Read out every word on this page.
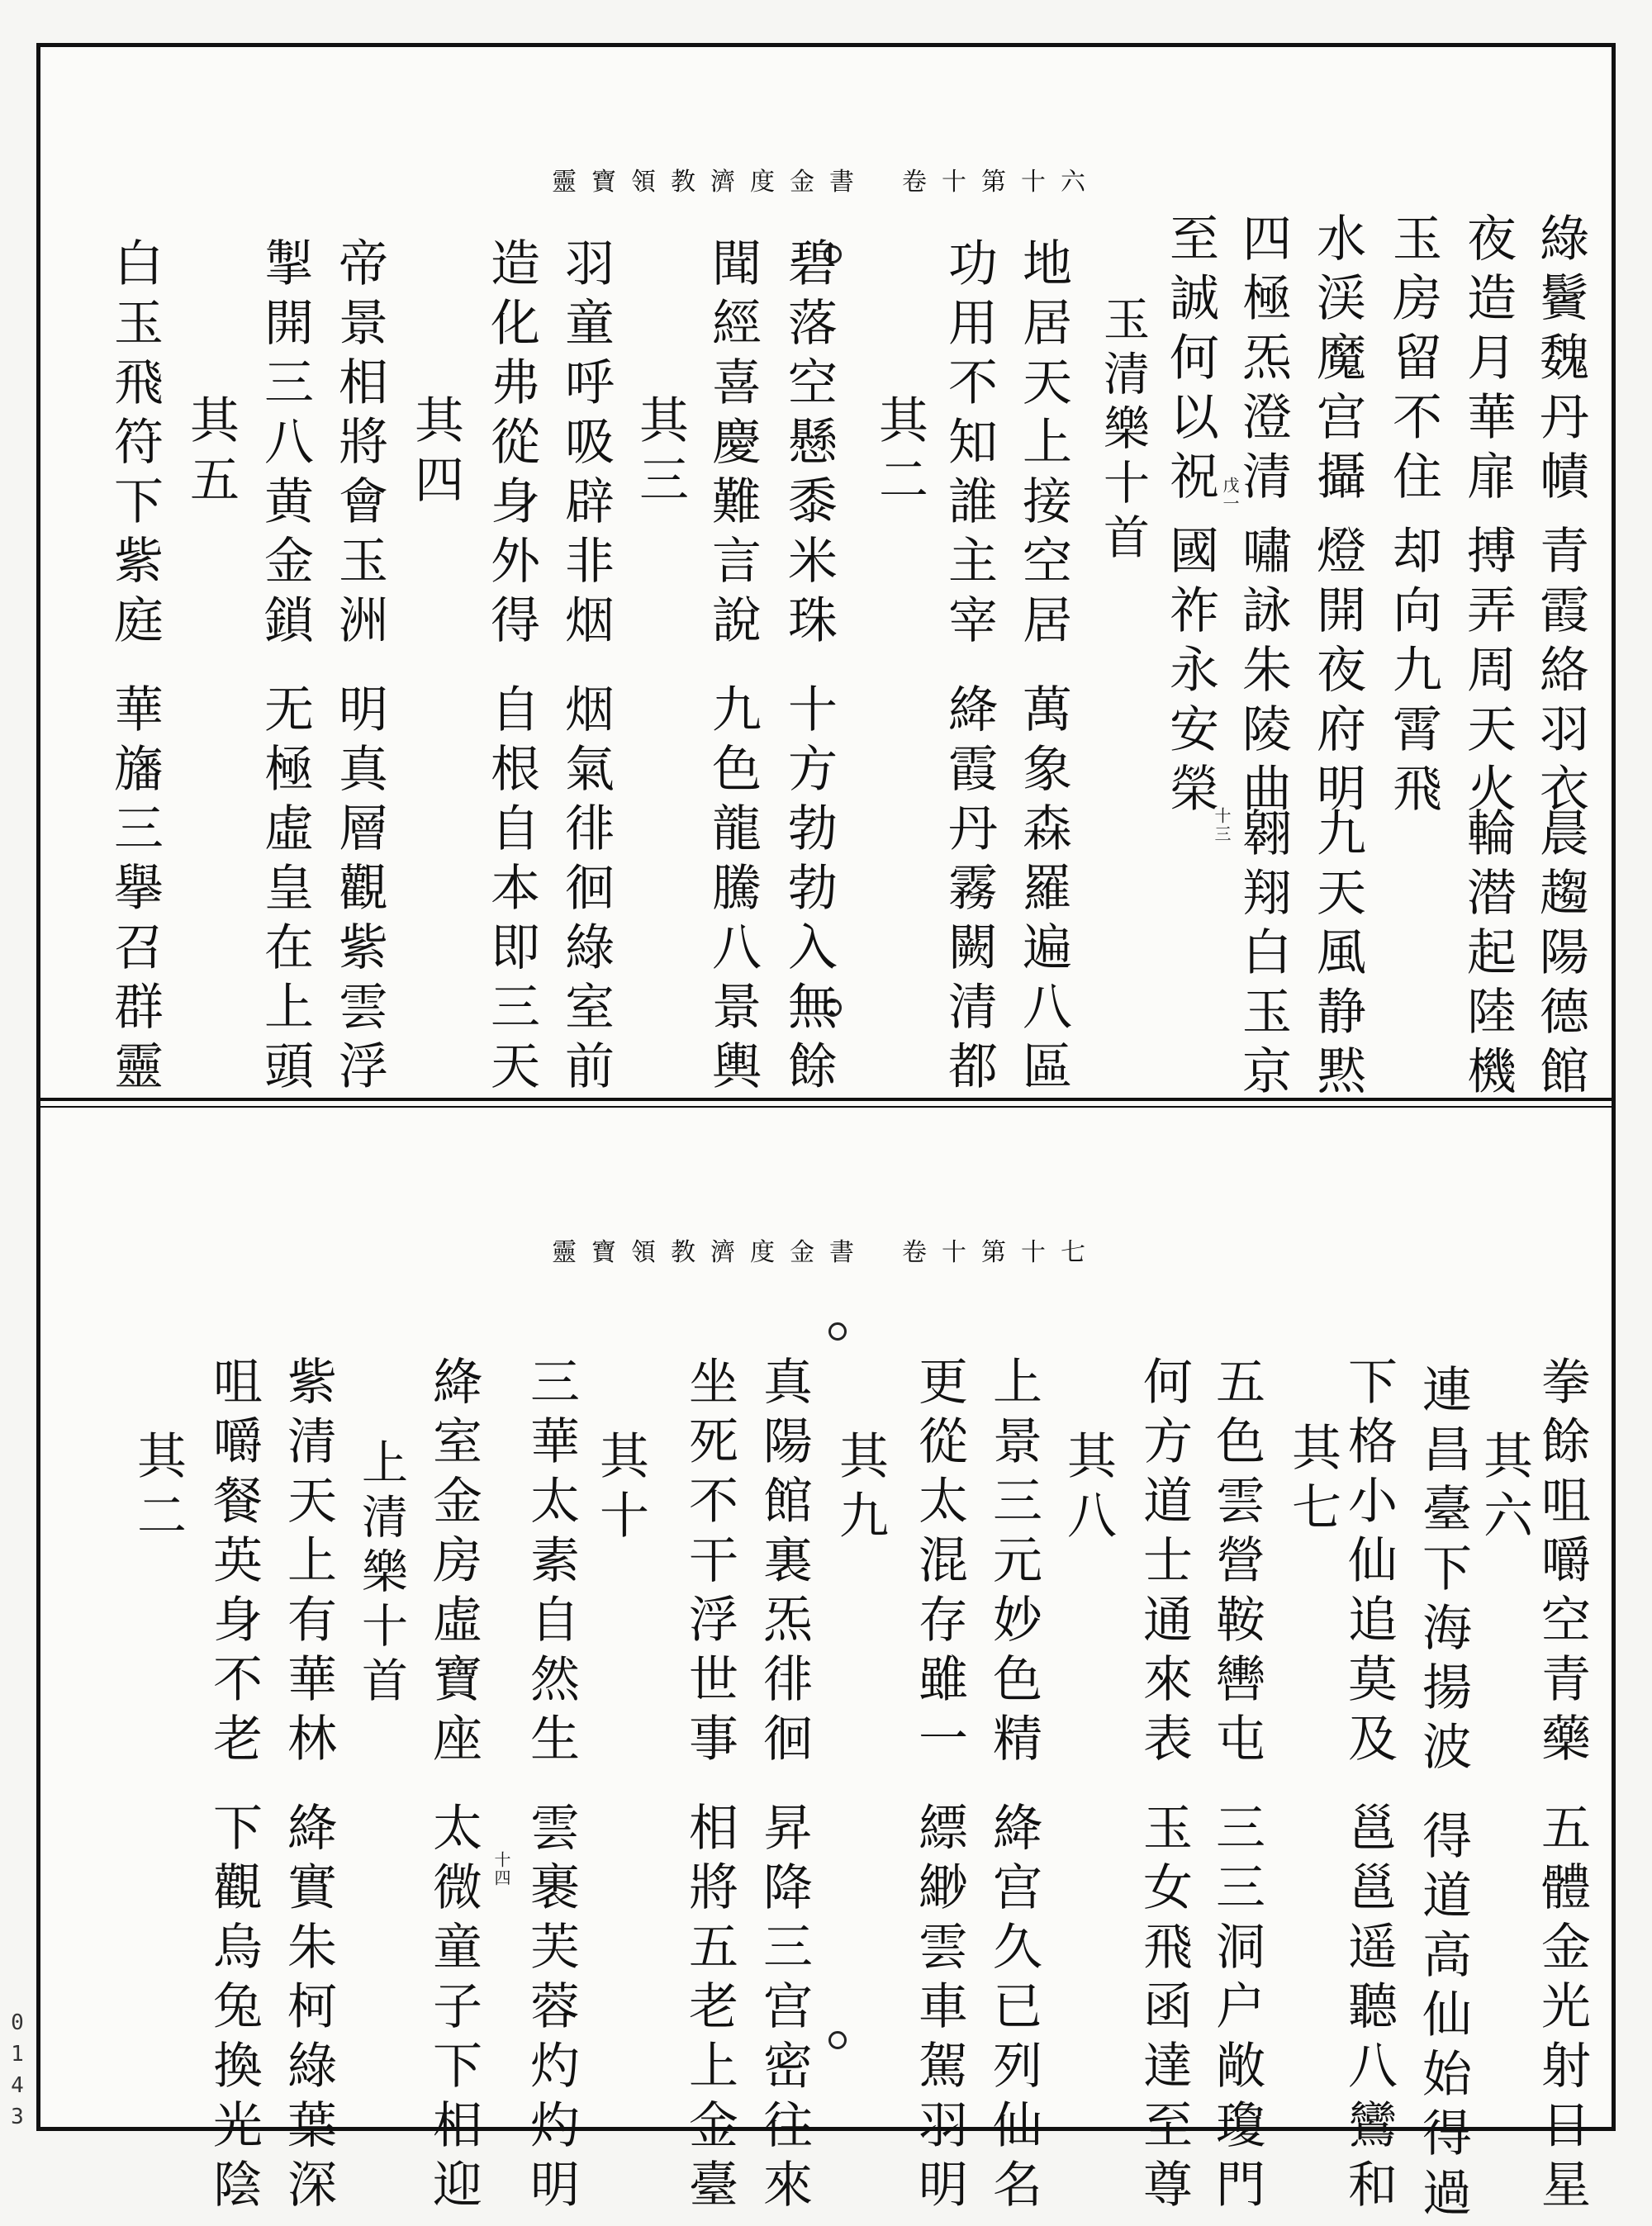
靈寶領教濟度金書 卷十第十六
綠鬢魏丹幘
青霞絡羽衣
晨趨陽德館
夜造月華扉
搏弄周天火
輪潜起陸機
玉房留不住
却向九霄飛
水渓魔宫攝
燈開夜府明
九天風静黙
四極炁澄清
嘯詠朱陵曲
翱翔白玉京
十三
至誠何以祝
國祚永安榮
戊一
玉清樂十首
地居天上接空居
萬象森羅遍八區
功用不知誰主宰
絳霞丹霧闕清都
其二
碧落空懸黍米珠
十方勃勃入無餘
聞經喜慶難言說
九色龍騰八景輿
其三
羽童呼吸辟非烟
烟氣徘徊綠室前
造化弗從身外得
自根自本即三天
其四
帝景相將會玉洲
明真層觀紫雲浮
掣開三八黄金鎖
无極虛皇在上頭
其五
白玉飛符下紫庭
華旛三擧召群靈
靈寶領教濟度金書 卷十第十七
拳餘咀嚼空青藥
五體金光射日星
其六
連昌臺下海揚波
得道高仙始得過
下格小仙追莫及
邕邕遥聽八鸞和
其七
五色雲營鞍轡屯
三三洞户敞瓊門
何方道士通來表
玉女飛函達至尊
其八
上景三元妙色精
絳宫久已列仙名
更從太混存雖一
縹緲雲車駕羽明
其九
真陽館裏炁徘徊
昇降三宫密往來
坐死不干浮世事
相將五老上金臺
其十
三華太素自然生
雲裹芙蓉灼灼明
十四
絳室金房虛寶座
太微童子下相迎
上清樂十首
紫清天上有華林
絳實朱柯綠葉深
咀嚼餐英身不老
下觀烏兔換光陰
其二
0
1
4
3
